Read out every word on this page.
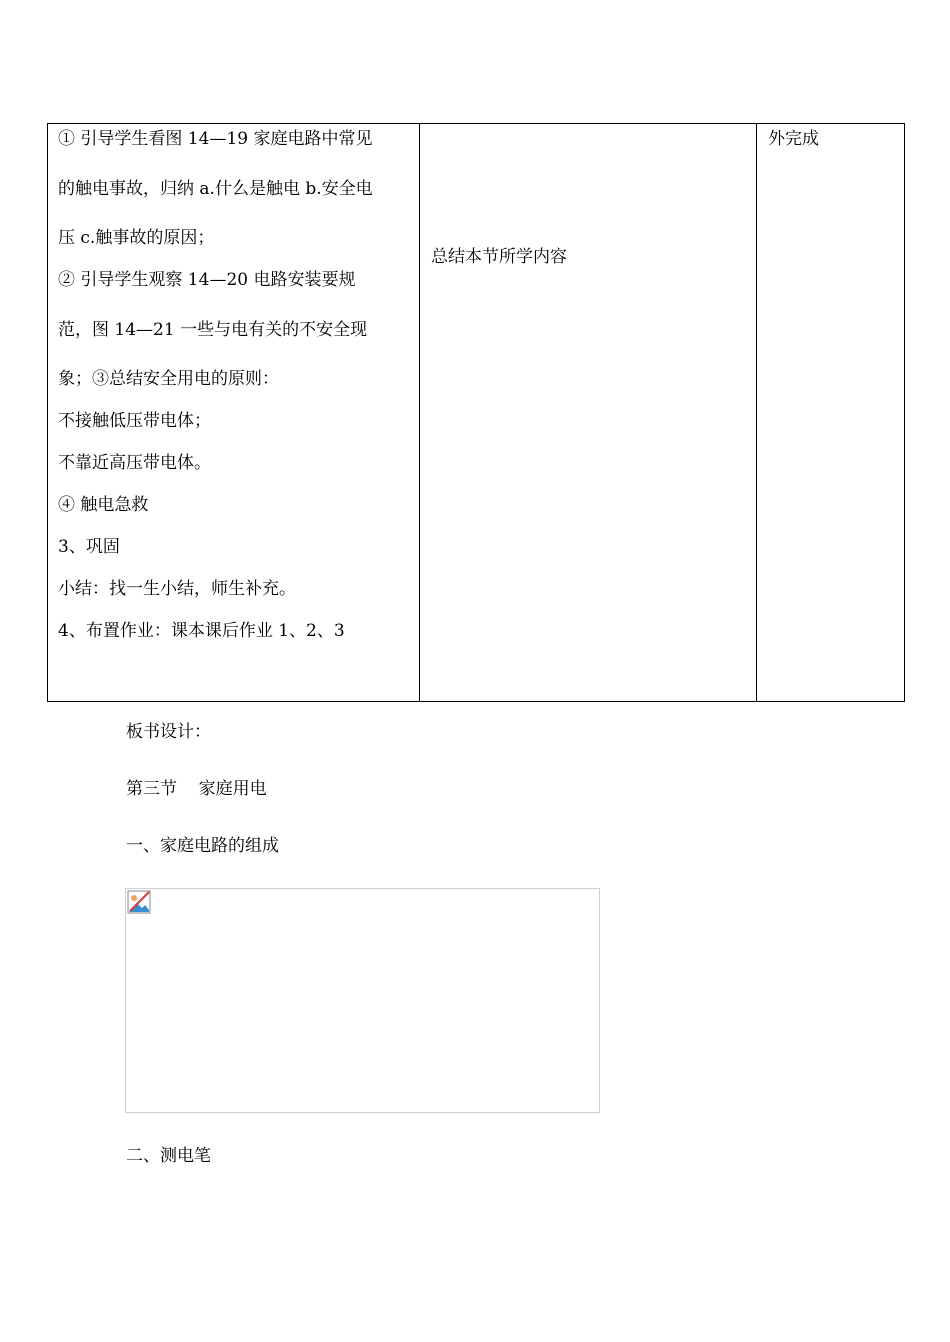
① 引导学生看图 14—19 家庭电路中常见
的触电事故，归纳 a.什么是触电 b.安全电
压 c.触事故的原因；
② 引导学生观察 14—20 电路安装要规
范，图 14—21 一些与电有关的不安全现
象；③总结安全用电的原则：
不接触低压带电体；
不靠近高压带电体。
④ 触电急救
3、巩固
小结：找一生小结，师生补充。
4、布置作业：课本课后作业 1、2、3
总结本节所学内容
外完成
板书设计：
第三节    家庭用电
一、家庭电路的组成
二、测电笔
